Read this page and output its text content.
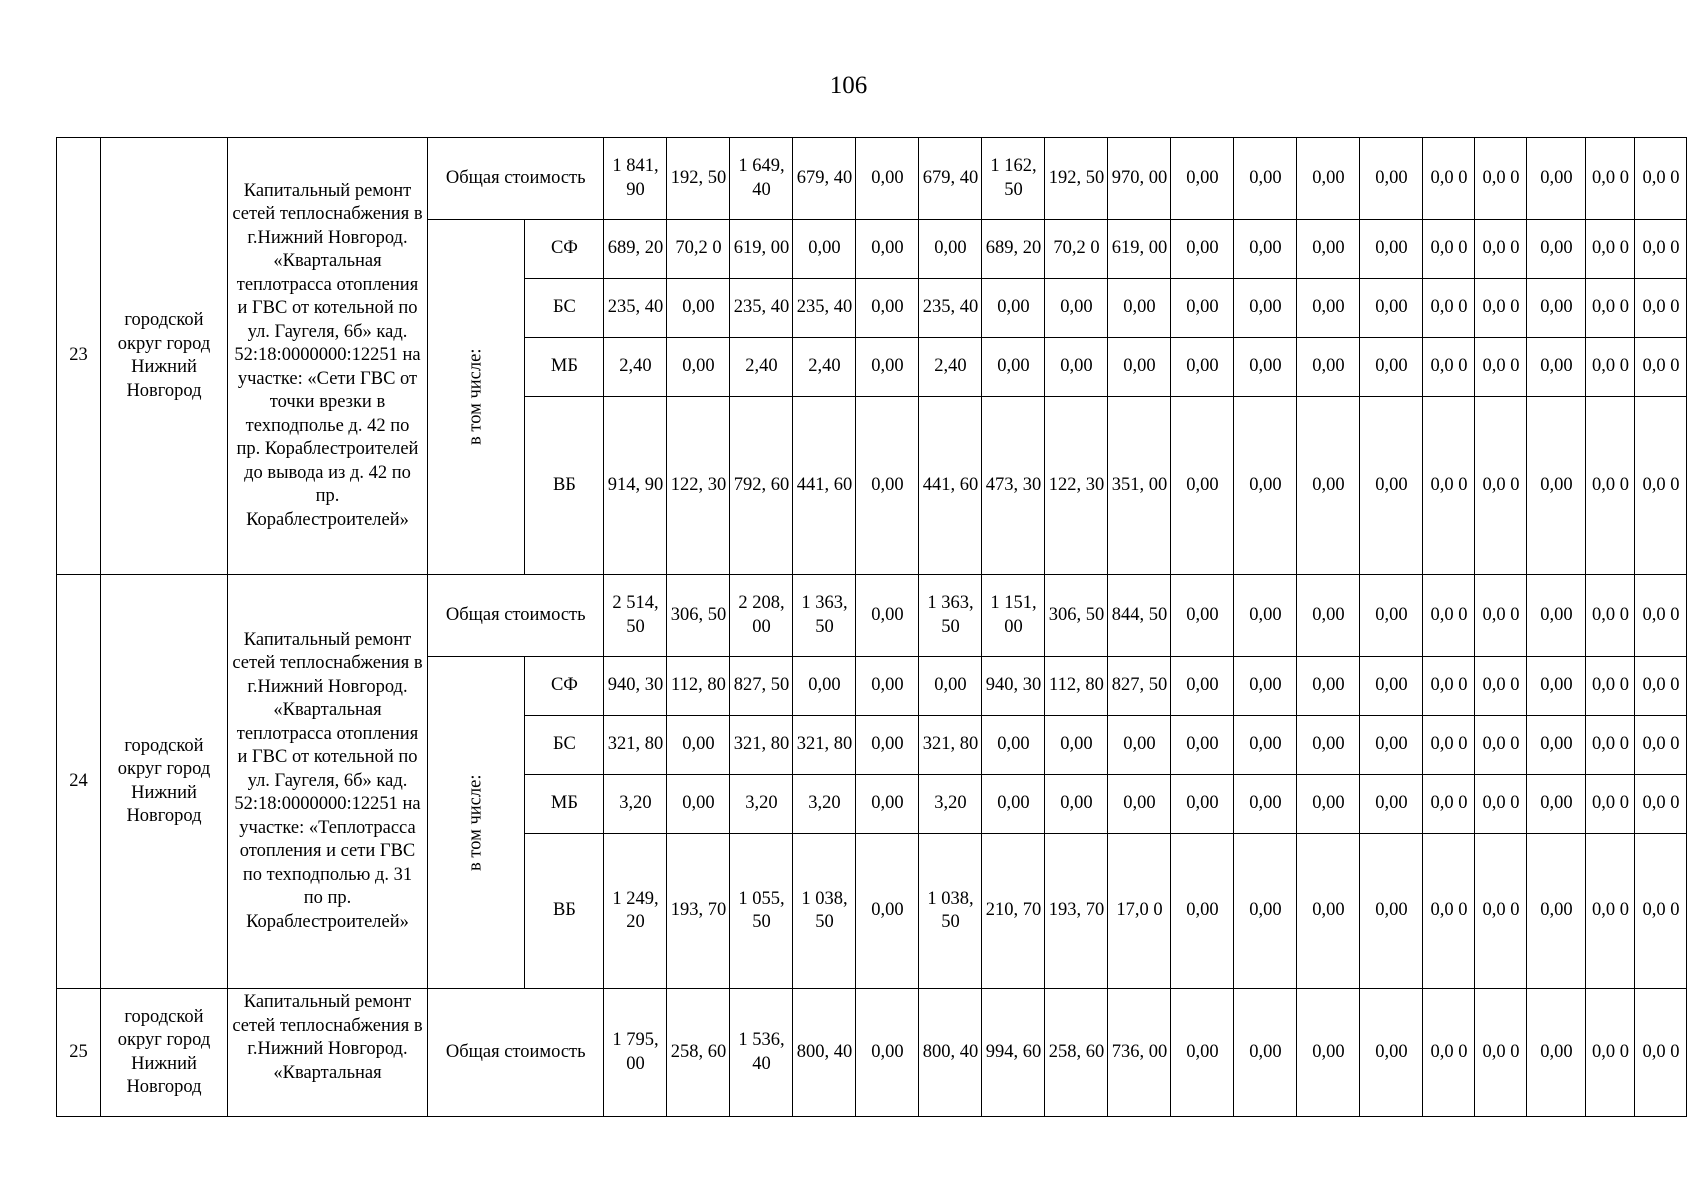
106
23	городской округ город Нижний Новгород	Капитальный ремонт сетей теплоснабжения в г.Нижний Новгород. «Квартальная теплотрасса отопления и ГВС от котельной по ул. Гаугеля, 6б» кад. 52:18:0000000:12251 на участке: «Сети ГВС от точки врезки в техподполье д. 42 по пр. Кораблестроителей до вывода из д. 42 по пр. Кораблестроителей»	Общая стоимость		1 841, 90	192, 50	1 649, 40	679, 40	0,00	679, 40	1 162, 50	192, 50	970, 00	0,00	0,00	0,00	0,00	0,0 0	0,0 0	0,00	0,0 0	0,0 0
			в том числе:	СФ	689, 20	70,2 0	619, 00	0,00	0,00	0,00	689, 20	70,2 0	619, 00	0,00	0,00	0,00	0,00	0,0 0	0,0 0	0,00	0,0 0	0,0 0
				БС	235, 40	0,00	235, 40	235, 40	0,00	235, 40	0,00	0,00	0,00	0,00	0,00	0,00	0,00	0,0 0	0,0 0	0,00	0,0 0	0,0 0
				МБ	2,40	0,00	2,40	2,40	0,00	2,40	0,00	0,00	0,00	0,00	0,00	0,00	0,00	0,0 0	0,0 0	0,00	0,0 0	0,0 0
				ВБ	914, 90	122, 30	792, 60	441, 60	0,00	441, 60	473, 30	122, 30	351, 00	0,00	0,00	0,00	0,00	0,0 0	0,0 0	0,00	0,0 0	0,0 0
24	городской округ город Нижний Новгород	Капитальный ремонт сетей теплоснабжения в г.Нижний Новгород. «Квартальная теплотрасса отопления и ГВС от котельной по ул. Гаугеля, 6б» кад. 52:18:0000000:12251 на участке: «Теплотрасса отопления и сети ГВС по техподполью д. 31 по пр. Кораблестроителей»	Общая стоимость		2 514, 50	306, 50	2 208, 00	1 363, 50	0,00	1 363, 50	1 151, 00	306, 50	844, 50	0,00	0,00	0,00	0,00	0,0 0	0,0 0	0,00	0,0 0	0,0 0
			в том числе:	СФ	940, 30	112, 80	827, 50	0,00	0,00	0,00	940, 30	112, 80	827, 50	0,00	0,00	0,00	0,00	0,0 0	0,0 0	0,00	0,0 0	0,0 0
				БС	321, 80	0,00	321, 80	321, 80	0,00	321, 80	0,00	0,00	0,00	0,00	0,00	0,00	0,00	0,0 0	0,0 0	0,00	0,0 0	0,0 0
				МБ	3,20	0,00	3,20	3,20	0,00	3,20	0,00	0,00	0,00	0,00	0,00	0,00	0,00	0,0 0	0,0 0	0,00	0,0 0	0,0 0
				ВБ	1 249, 20	193, 70	1 055, 50	1 038, 50	0,00	1 038, 50	210, 70	193, 70	17,0 0	0,00	0,00	0,00	0,00	0,0 0	0,0 0	0,00	0,0 0	0,0 0
25	городской округ город Нижний Новгород	Капитальный ремонт сетей теплоснабжения в г.Нижний Новгород. «Квартальная	Общая стоимость		1 795, 00	258, 60	1 536, 40	800, 40	0,00	800, 40	994, 60	258, 60	736, 00	0,00	0,00	0,00	0,00	0,0 0	0,0 0	0,00	0,0 0	0,0 0
